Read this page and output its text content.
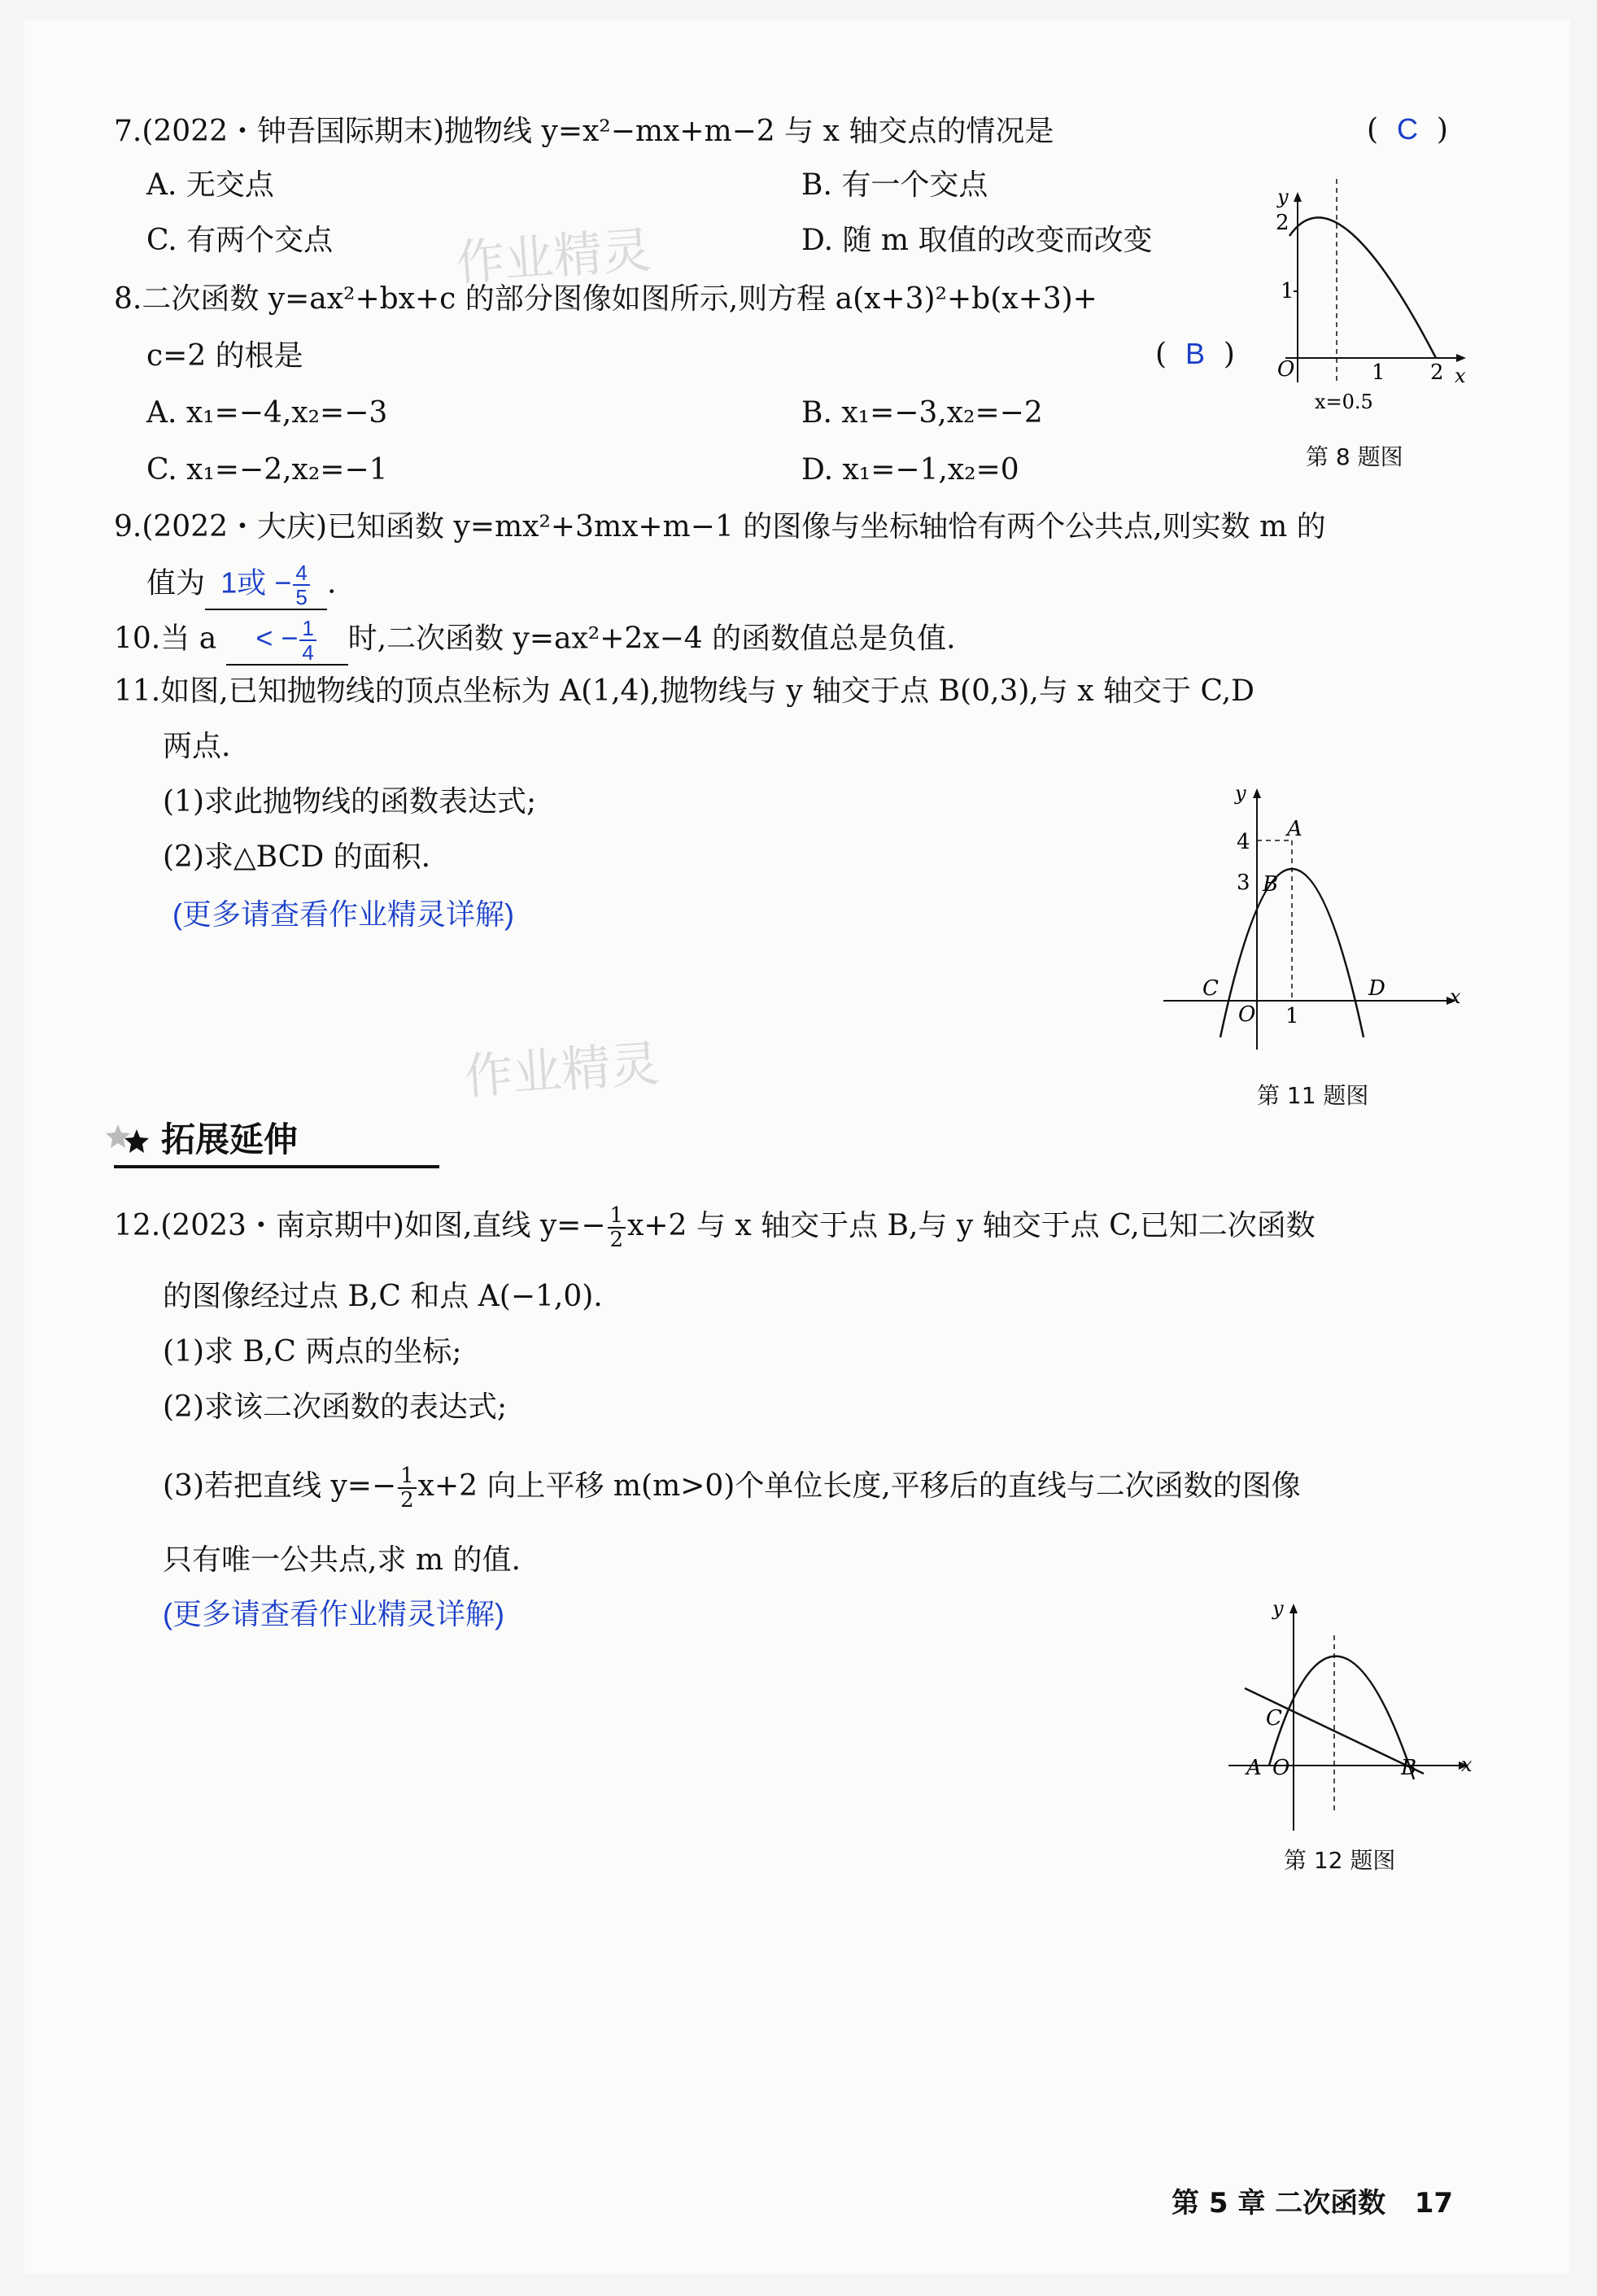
作业精灵
作业精灵
7.(2022・钟吾国际期末)抛物线 y=x²−mx+m−2 与 x 轴交点的情况是	(  C  )
A. 无交点	B. 有一个交点
C. 有两个交点	D. 随 m 取值的改变而改变
8.二次函数 y=ax²+bx+c 的部分图像如图所示,则方程 a(x+3)²+b(x+3)+
c=2 的根是	(  B  )
A. x₁=−4,x₂=−3	B. x₁=−3,x₂=−2
C. x₁=−2,x₂=−1	D. x₁=−1,x₂=0
y
x
2
1
O	1 2
x=0.5
第 8 题图
9.(2022・大庆)已知函数 y=mx²+3mx+m−1 的图像与坐标轴恰有两个公共点,则实数 m 的
值为 1或 − $\frac{4}{5}$ .
10.当 a < − $\frac{1}{4}$ 时,二次函数 y=ax²+2x−4 的函数值总是负值.
11.如图,已知抛物线的顶点坐标为 A(1,4),抛物线与 y 轴交于点 B(0,3),与 x 轴交于 C,D
两点.
(1)求此抛物线的函数表达式;
(2)求△BCD 的面积.
(更多请查看作业精灵详解)
y
x
A
B
C	D
4
3
O 1
第 11 题图
拓展延伸
12.(2023・南京期中)如图,直线 $y=- \frac{1}{2} x+2$ 与 x 轴交于点 B,与 y 轴交于点 C,已知二次函数
的图像经过点 B,C 和点 A(−1,0).
(1)求 B,C 两点的坐标;
(2)求该二次函数的表达式;
(3)若把直线 $y=- \frac{1}{2} x+2$ 向上平移 m(m>0)个单位长度,平移后的直线与二次函数的图像
只有唯一公共点,求 m 的值.
(更多请查看作业精灵详解)	y
x
C
A O	B
第 12 题图
第 5 章 二次函数 17
